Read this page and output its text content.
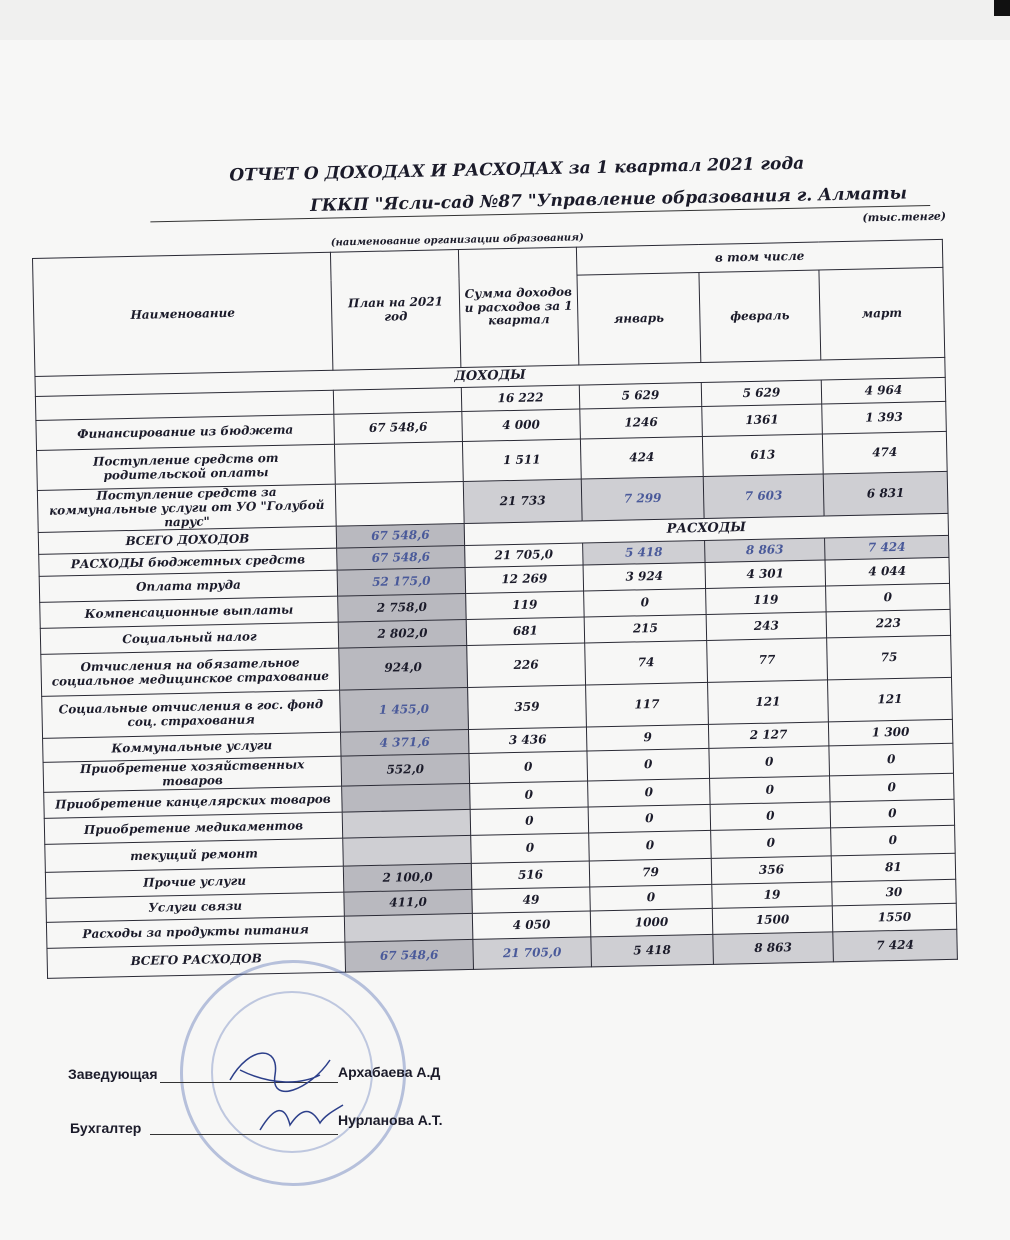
ОТЧЕТ О ДОХОДАХ И РАСХОДАХ за 1 квартал 2021 года
ГККП "Ясли-сад №87 "Управление образования г. Алматы
(тыс.тенге)
(наименование организации образования)
Наименование	План на 2021 год	Сумма доходов и расходов за 1 квартал	в том числе		
			январь	февраль	март
ДОХОДЫ					
		16 222	5 629	5 629	4 964
Финансирование из бюджета	67 548,6	4 000	1246	1361	1 393
Поступление средств от родительской оплаты		1 511	424	613	474
Поступление средств за коммунальные услуги от УО "Голубой парус"		21 733	7 299	7 603	6 831
ВСЕГО ДОХОДОВ	67 548,6	РАСХОДЫ			
РАСХОДЫ бюджетных средств	67 548,6	21 705,0	5 418	8 863	7 424
Оплата труда	52 175,0	12 269	3 924	4 301	4 044
Компенсационные выплаты	2 758,0	119	0	119	0
Социальный налог	2 802,0	681	215	243	223
Отчисления на обязательное социальное медицинское страхование	924,0	226	74	77	75
Социальные отчисления в гос. фонд соц. страхования	1 455,0	359	117	121	121
Коммунальные услуги	4 371,6	3 436	9	2 127	1 300
Приобретение хозяйственных товаров	552,0	0	0	0	0
Приобретение канцелярских товаров		0	0	0	0
Приобретение медикаментов		0	0	0	0
текущий ремонт		0	0	0	0
Прочие услуги	2 100,0	516	79	356	81
Услуги связи	411,0	49	0	19	30
Расходы за продукты питания		4 050	1000	1500	1550
ВСЕГО РАСХОДОВ	67 548,6	21 705,0	5 418	8 863	7 424
Заведующая	Архабаева А.Д
Бухгалтер	Нурланова А.Т.
